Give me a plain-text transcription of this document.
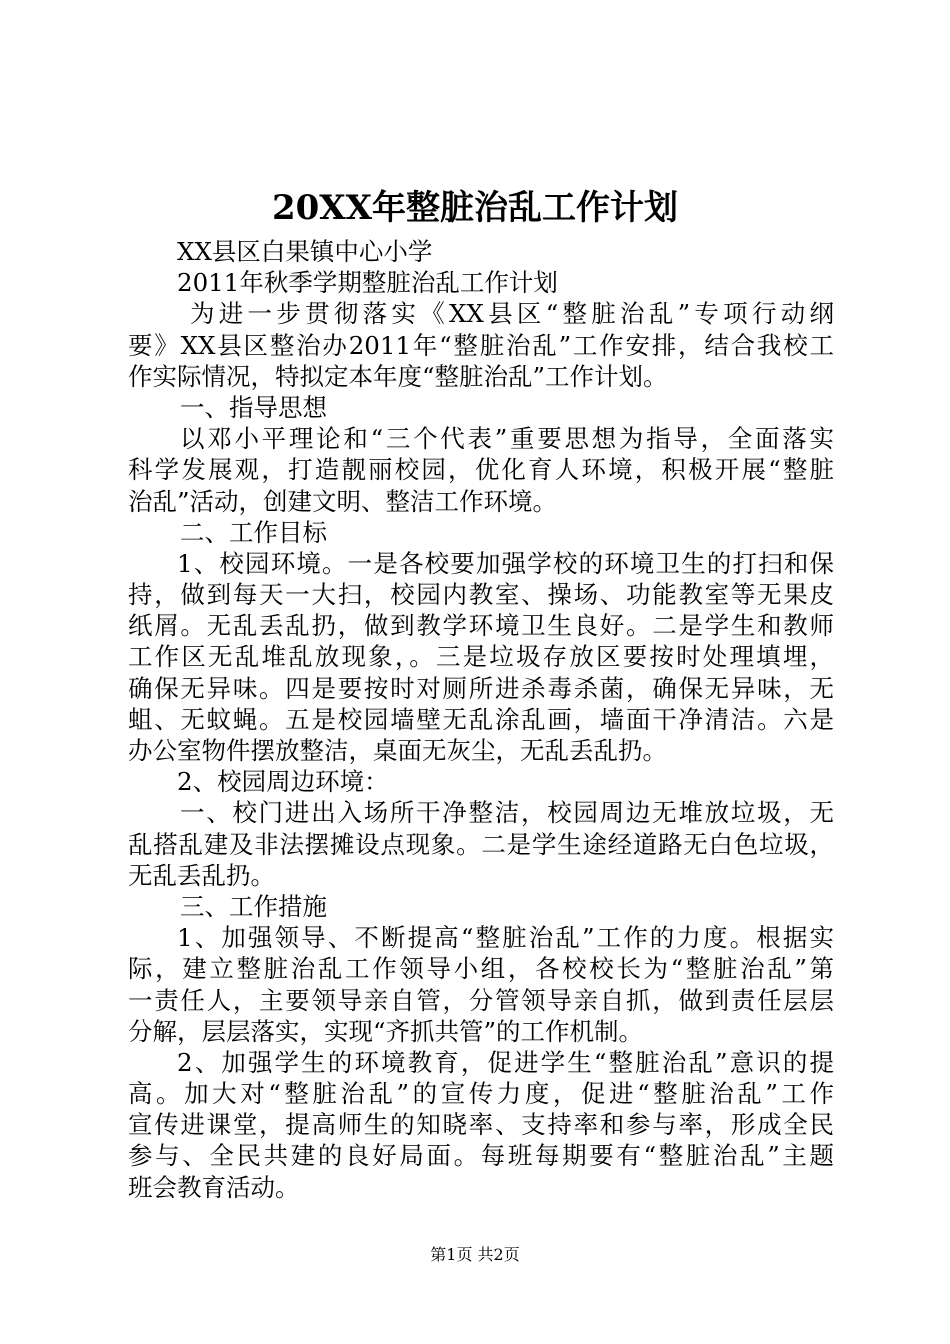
20XX年整脏治乱工作计划
XX县区白果镇中心小学
2011年秋季学期整脏治乱工作计划
为进一步贯彻落实《XX县区“整脏治乱”专项行动纲
要》XX县区整治办2011年“整脏治乱”工作安排，结合我校工
作实际情况，特拟定本年度“整脏治乱”工作计划。
一、指导思想
以邓小平理论和“三个代表”重要思想为指导，全面落实
科学发展观，打造靓丽校园，优化育人环境，积极开展“整脏
治乱”活动，创建文明、整洁工作环境。
二、工作目标
1、校园环境。一是各校要加强学校的环境卫生的打扫和保
持，做到每天一大扫，校园内教室、操场、功能教室等无果皮
纸屑。无乱丢乱扔，做到教学环境卫生良好。二是学生和教师
工作区无乱堆乱放现象，。三是垃圾存放区要按时处理填埋，
确保无异味。四是要按时对厕所进杀毒杀菌，确保无异味，无
蛆、无蚊蝇。五是校园墙壁无乱涂乱画，墙面干净清洁。六是
办公室物件摆放整洁，桌面无灰尘，无乱丢乱扔。
2、校园周边环境：
一、校门进出入场所干净整洁，校园周边无堆放垃圾，无
乱搭乱建及非法摆摊设点现象。二是学生途经道路无白色垃圾，
无乱丢乱扔。
三、工作措施
1、加强领导、不断提高“整脏治乱”工作的力度。根据实
际，建立整脏治乱工作领导小组，各校校长为“整脏治乱”第
一责任人，主要领导亲自管，分管领导亲自抓，做到责任层层
分解，层层落实，实现“齐抓共管”的工作机制。
2、加强学生的环境教育，促进学生“整脏治乱”意识的提
高。加大对“整脏治乱”的宣传力度，促进“整脏治乱”工作
宣传进课堂，提高师生的知晓率、支持率和参与率，形成全民
参与、全民共建的良好局面。每班每期要有“整脏治乱”主题
班会教育活动。
第1页 共2页
